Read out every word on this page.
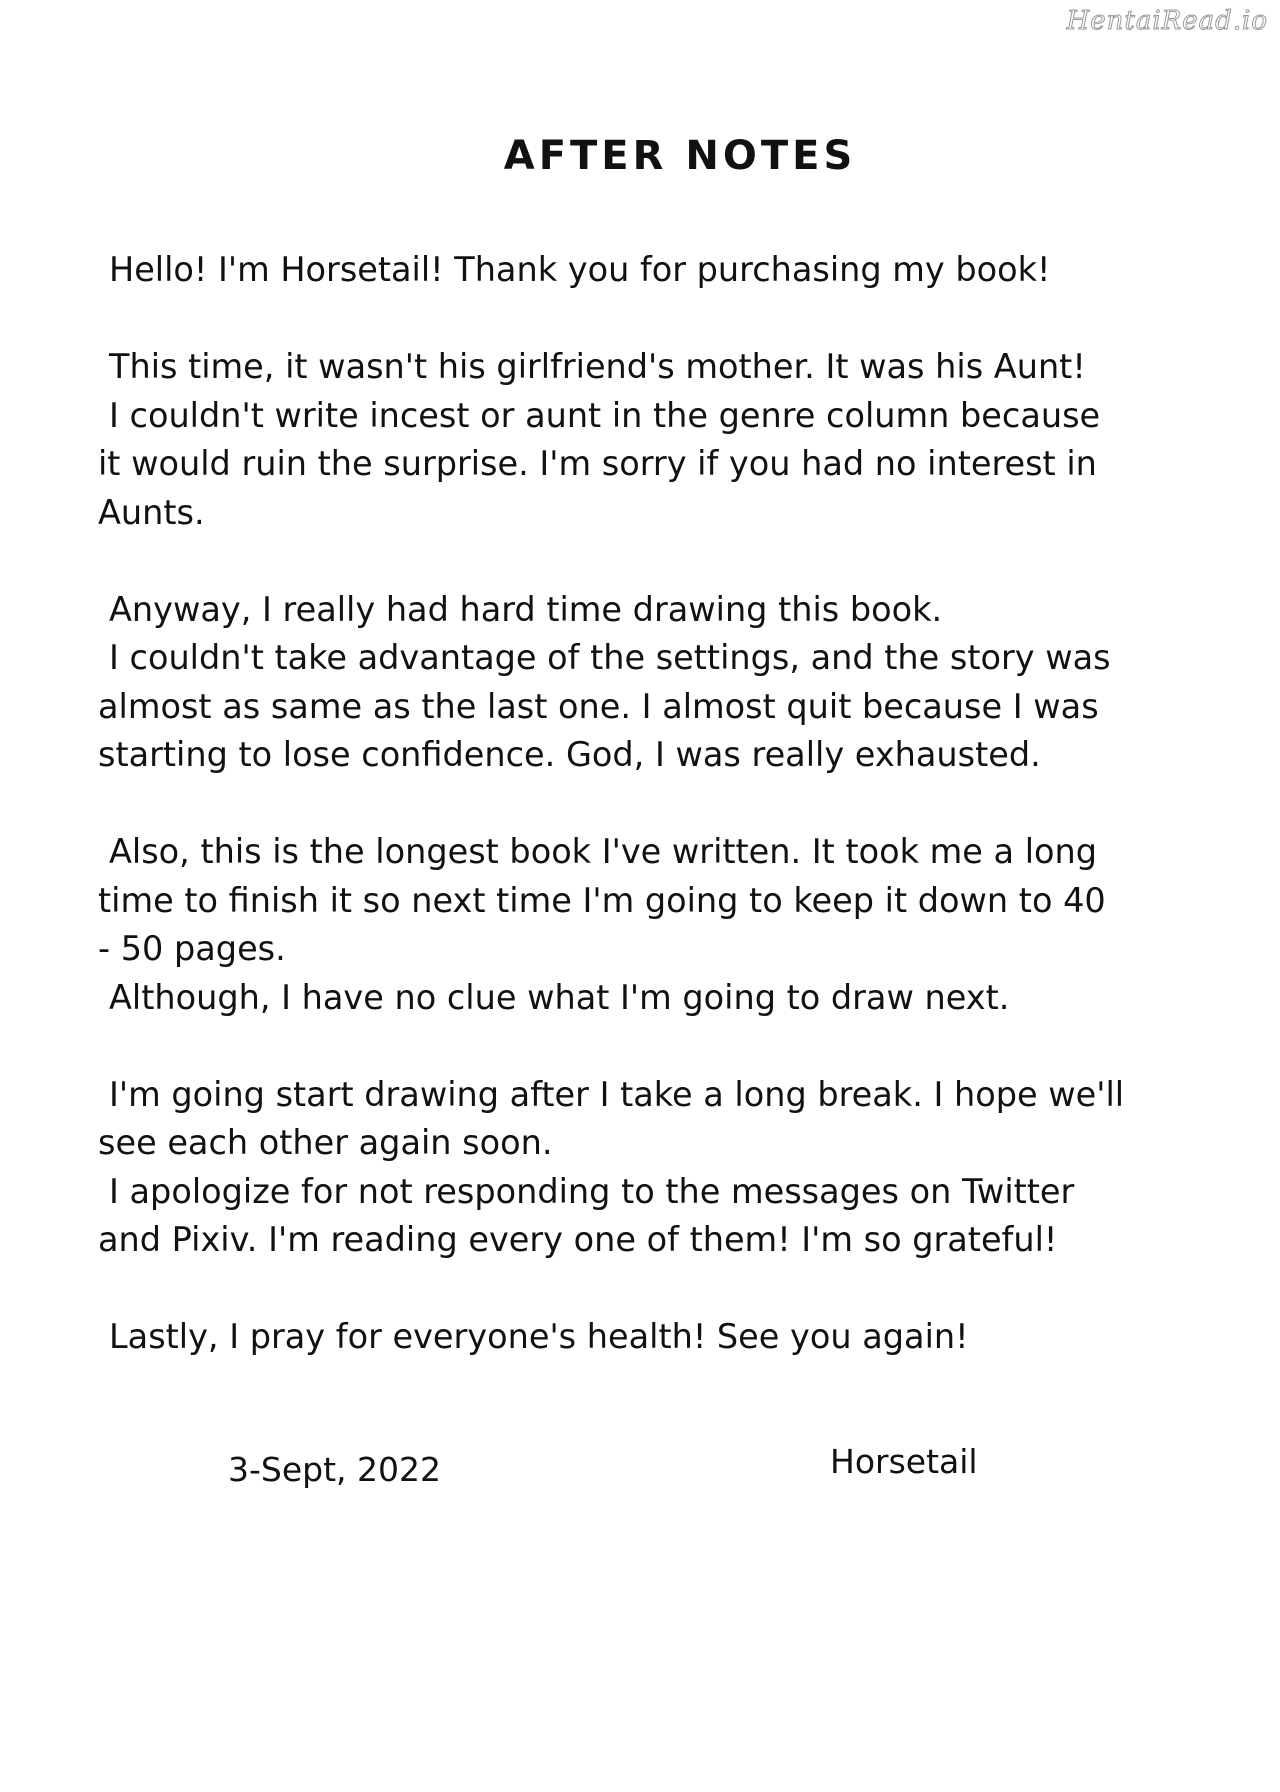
HentaiRead.io
AFTER NOTES
Hello! I'm Horsetail! Thank you for purchasing my book!
This time, it wasn't his girlfriend's mother. It was his Aunt!
I couldn't write incest or aunt in the genre column because
it would ruin the surprise. I'm sorry if you had no interest in
Aunts.
Anyway, I really had hard time drawing this book.
I couldn't take advantage of the settings, and the story was
almost as same as the last one. I almost quit because I was
starting to lose confidence. God, I was really exhausted.
Also, this is the longest book I've written. It took me a long
time to finish it so next time I'm going to keep it down to 40
- 50 pages.
Although, I have no clue what I'm going to draw next.
I'm going start drawing after I take a long break. I hope we'll
see each other again soon.
I apologize for not responding to the messages on Twitter
and Pixiv. I'm reading every one of them! I'm so grateful!
Lastly, I pray for everyone's health! See you again!
3-Sept, 2022	Horsetail
